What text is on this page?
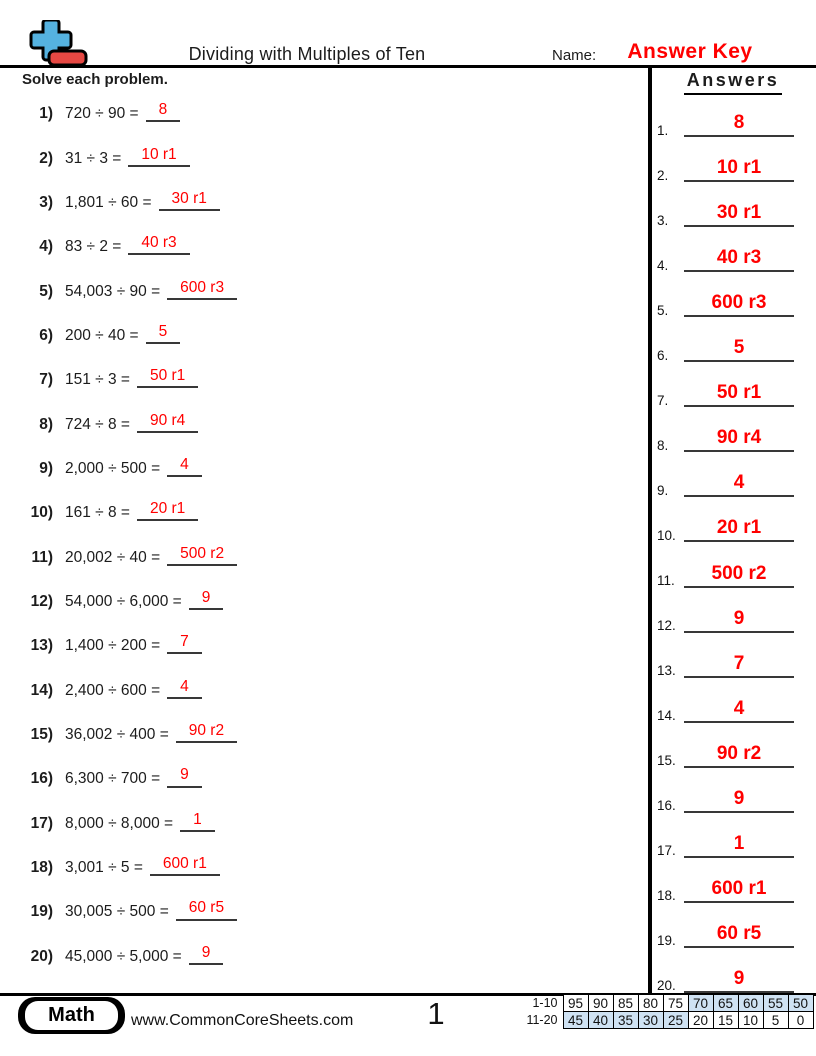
Dividing with Multiples of Ten	Name:	Answer Key
Solve each problem.
1) 720 ÷ 90 =	8
2) 31 ÷ 3 =	10 r1
3) 1,801 ÷ 60 =	30 r1
4) 83 ÷ 2 =	40 r3
5) 54,003 ÷ 90 =	600 r3
6) 200 ÷ 40 =	5
7) 151 ÷ 3 =	50 r1
8) 724 ÷ 8 =	90 r4
9) 2,000 ÷ 500 =	4
10) 161 ÷ 8 =	20 r1
11) 20,002 ÷ 40 =	500 r2
12) 54,000 ÷ 6,000 =	9
13) 1,400 ÷ 200 =	7
14) 2,400 ÷ 600 =	4
15) 36,002 ÷ 400 =	90 r2
16) 6,300 ÷ 700 =	9
17) 8,000 ÷ 8,000 =	1
18) 3,001 ÷ 5 =	600 r1
19) 30,005 ÷ 500 =	60 r5
20) 45,000 ÷ 5,000 =	9
Answers
1.	8
2.	10 r1
3.	30 r1
4.	40 r3
5.	600 r3
6.	5
7.	50 r1
8.	90 r4
9.	4
10.	20 r1
11.	500 r2
12.	9
13.	7
14.	4
15.	90 r2
16.	9
17.	1
18.	600 r1
19.	60 r5
20.	9
Math	www.CommonCoreSheets.com	1	1-10	95	90	85	80	75	70	65	60	55	50
11-20	45	40	35	30	25	20	15	10	5	0
